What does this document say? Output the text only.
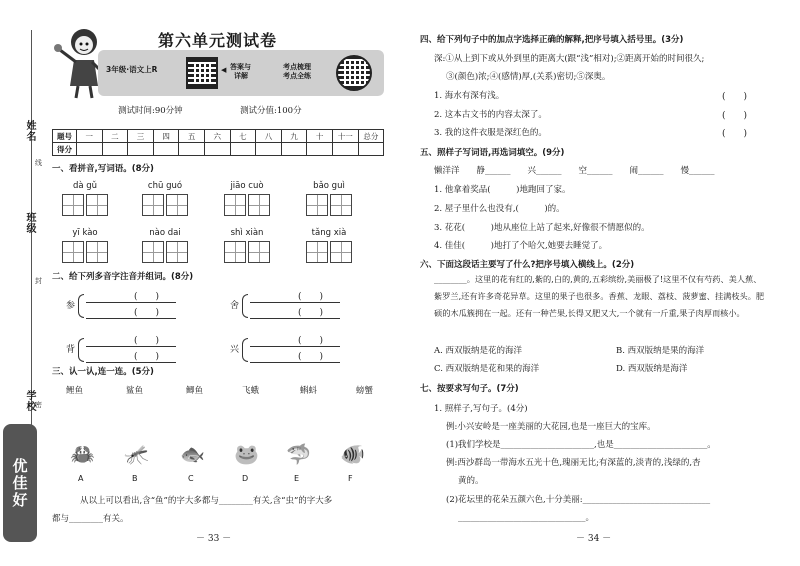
姓名
班级
学校
线
封
密
优佳好
第六单元测试卷
3年级·语文上R	◀ 答案与
详解
考点梳理
考点全练
测试时间:90分钟	测试分值:100分
题号	一	二	三	四	五	六	七	八	九	十	十一	总分
得分												
一、看拼音,写词语。(8分)
dà gǔ	chū guó	jiāo cuò	bǎo guì
yī kào	nào dai	shì xiàn	tǎng xià
二、给下列多音字注音并组词。(8分)
参
(　　)
(　　)
舍
(　　)
(　　)
背
(　　)
(　　)
兴
(　　)
(　　)
三、认一认,连一连。(5分)
鲤鱼
🦀
A
鲨鱼
🦟
B
鲫鱼
🐟
C
飞蛾
🐸
D
蝌蚪
🦈
E
螃蟹
🐠
F
从以上可以看出,含“鱼”的字大多都与________有关,含“虫”的字大多
都与________有关。
－ 33 －
四、给下列句子中的加点字选择正确的解释,把序号填入括号里。(3分)
深:①从上到下或从外到里的距离大(跟“浅”相对);②距离开始的时间很久;
③(颜色)浓;④(感情)厚,(关系)密切;⑤深奥。
1. 海水有深有浅。	(　　)
2. 这本古文书的内容太深了。	(　　)
3. 我的这件衣服是深红色的。	(　　)
五、照样子写词语,再选词填空。(9分)
懒洋洋　　静______　　兴______　　空______　　闹______　　慢______
1. 他拿着奖品(　　　)地跑回了家。
2. 屋子里什么也没有,(　　　)的。
3. 花花(　　　)地从座位上站了起来,好像很不情愿似的。
4. 佳佳(　　　)地打了个哈欠,她要去睡觉了。
六、下面这段话主要写了什么?把序号填入横线上。(2分)
________。这里的花有红的,紫的,白的,黄的,五彩缤纷,美丽极了!这里不仅有芍药、美人蕉、紫罗兰,还有许多奇花异草。这里的果子也很多。香蕉、龙眼、荔枝、菠萝蜜、挂满枝头。肥硕的木瓜簇拥在一起。还有一种芒果,长得又肥又大,一个就有一斤重,果子肉厚而核小。
A. 西双版纳是花的海洋	B. 西双版纳是果的海洋
C. 西双版纳是花和果的海洋	D. 西双版纳是海洋
七、按要求写句子。(7分)
1. 照样子,写句子。(4分)
例:小兴安岭是一座美丽的大花园,也是一座巨大的宝库。
(1)我们学校是______________________,也是______________________。
例:西沙群岛一带海水五光十色,瑰丽无比;有深蓝的,淡青的,浅绿的,杏
黄的。
(2)花坛里的花朵五颜六色,十分美丽:______________________________
______________________________。
－ 34 －
